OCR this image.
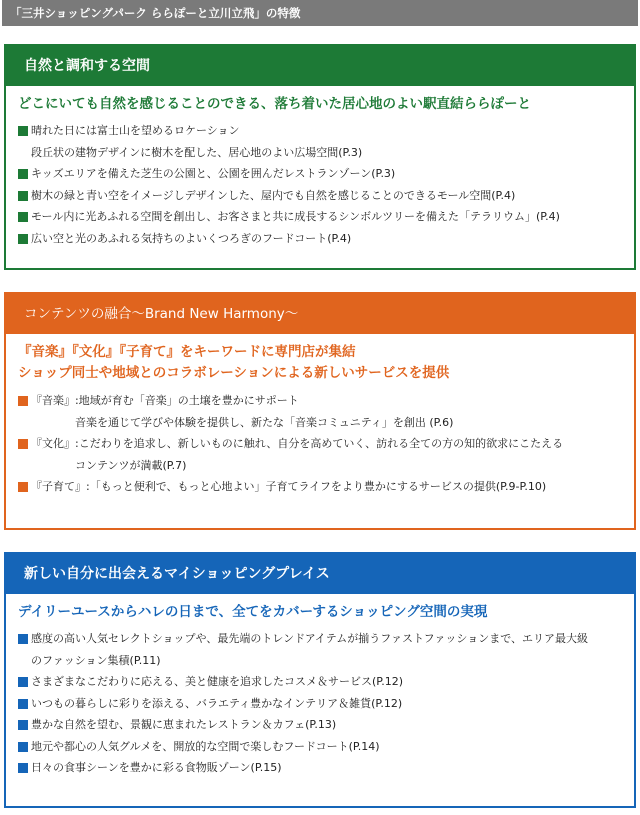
「三井ショッピングパーク ららぽーと立川立飛」の特徴
自然と調和する空間
どこにいても自然を感じることのできる、落ち着いた居心地のよい駅直結ららぽーと
晴れた日には富士山を望めるロケーション
段丘状の建物デザインに樹木を配した、居心地のよい広場空間(P.3)
キッズエリアを備えた芝生の公園と、公園を囲んだレストランゾーン(P.3)
樹木の緑と青い空をイメージしデザインした、屋内でも自然を感じることのできるモール空間(P.4)
モール内に光あふれる空間を創出し、お客さまと共に成長するシンボルツリーを備えた「テラリウム」(P.4)
広い空と光のあふれる気持ちのよいくつろぎのフードコート(P.4)
コンテンツの融合～Brand New Harmony～
『音楽』『文化』『子育て』をキーワードに専門店が集結
ショップ同士や地域とのコラボレーションによる新しいサービスを提供
『音楽』: 地域が育む「音楽」の土壌を豊かにサポート
音楽を通じて学びや体験を提供し、新たな「音楽コミュニティ」を創出 (P.6)
『文化』: こだわりを追求し、新しいものに触れ、自分を高めていく、訪れる全ての方の知的欲求にこたえる
コンテンツが満載(P.7)
『子育て』: 「もっと便利で、もっと心地よい」子育てライフをより豊かにするサービスの提供(P.9-P.10)
新しい自分に出会えるマイショッピングプレイス
デイリーユースからハレの日まで、全てをカバーするショッピング空間の実現
感度の高い人気セレクトショップや、最先端のトレンドアイテムが揃うファストファッションまで、エリア最大級
のファッション集積(P.11)
さまざまなこだわりに応える、美と健康を追求したコスメ＆サービス(P.12)
いつもの暮らしに彩りを添える、バラエティ豊かなインテリア＆雑貨(P.12)
豊かな自然を望む、景観に恵まれたレストラン＆カフェ(P.13)
地元や都心の人気グルメを、開放的な空間で楽しむフードコート(P.14)
日々の食事シーンを豊かに彩る食物販ゾーン(P.15)
